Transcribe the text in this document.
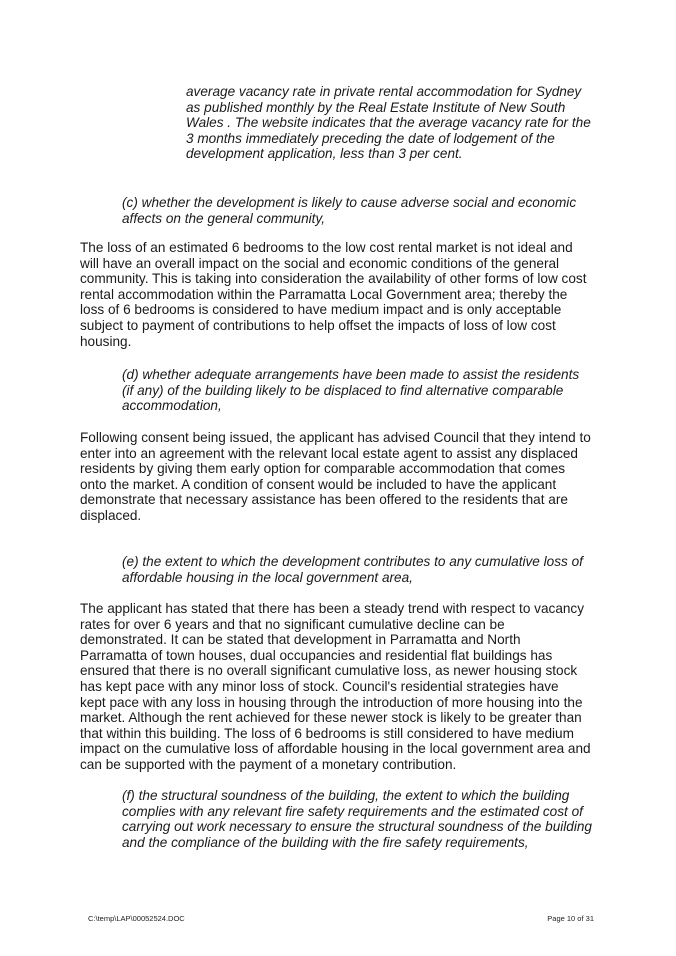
average vacancy rate in private rental accommodation for Sydney
as published monthly by the Real Estate Institute of New South
Wales . The website indicates that the average vacancy rate for the
3 months immediately preceding the date of lodgement of the
development application, less than 3 per cent.

(c) whether the development is likely to cause adverse social and economic
affects on the general community,

The loss of an estimated 6 bedrooms to the low cost rental market is not ideal and
will have an overall impact on the social and economic conditions of the general
community. This is taking into consideration the availability of other forms of low cost
rental accommodation within the Parramatta Local Government area; thereby the
loss of 6 bedrooms is considered to have medium impact and is only acceptable
subject to payment of contributions to help offset the impacts of loss of low cost
housing.

(d) whether adequate arrangements have been made to assist the residents
(if any) of the building likely to be displaced to find alternative comparable
accommodation,

Following consent being issued, the applicant has advised Council that they intend to
enter into an agreement with the relevant local estate agent to assist any displaced
residents by giving them early option for comparable accommodation that comes
onto the market. A condition of consent would be included to have the applicant
demonstrate that necessary assistance has been offered to the residents that are
displaced.

(e) the extent to which the development contributes to any cumulative loss of
affordable housing in the local government area,

The applicant has stated that there has been a steady trend with respect to vacancy
rates for over 6 years and that no significant cumulative decline can be
demonstrated. It can be stated that development in Parramatta and North
Parramatta of town houses, dual occupancies and residential flat buildings has
ensured that there is no overall significant cumulative loss, as newer housing stock
has kept pace with any minor loss of stock. Council's residential strategies have
kept pace with any loss in housing through the introduction of more housing into the
market. Although the rent achieved for these newer stock is likely to be greater than
that within this building. The loss of 6 bedrooms is still considered to have medium
impact on the cumulative loss of affordable housing in the local government area and
can be supported with the payment of a monetary contribution.

(f) the structural soundness of the building, the extent to which the building
complies with any relevant fire safety requirements and the estimated cost of
carrying out work necessary to ensure the structural soundness of the building
and the compliance of the building with the fire safety requirements,

C:\temp\LAP\00052524.DOC	Page 10 of 31
